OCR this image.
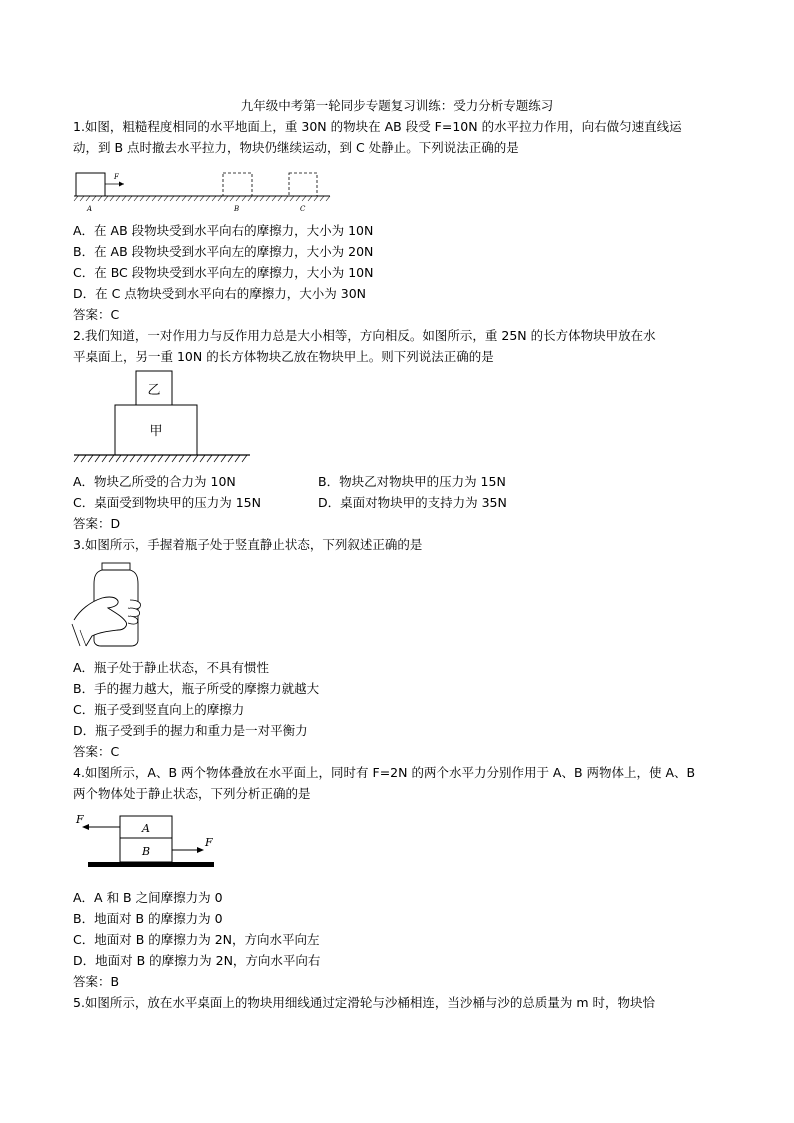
九年级中考第一轮同步专题复习训练：受力分析专题练习
1.如图，粗糙程度相同的水平地面上，重 30N 的物块在 AB 段受 F=10N 的水平拉力作用，向右做匀速直线运
动，到 B 点时撤去水平拉力，物块仍继续运动，到 C 处静止。下列说法正确的是
F
A	B	C
A．在 AB 段物块受到水平向右的摩擦力，大小为 10N
B．在 AB 段物块受到水平向左的摩擦力，大小为 20N
C．在 BC 段物块受到水平向左的摩擦力，大小为 10N
D．在 C 点物块受到水平向右的摩擦力，大小为 30N
答案：C
2.我们知道，一对作用力与反作用力总是大小相等，方向相反。如图所示，重 25N 的长方体物块甲放在水
平桌面上，另一重 10N 的长方体物块乙放在物块甲上。则下列说法正确的是
乙
甲
A．物块乙所受的合力为 10N	B．物块乙对物块甲的压力为 15N
C．桌面受到物块甲的压力为 15N	D．桌面对物块甲的支持力为 35N
答案：D
3.如图所示，手握着瓶子处于竖直静止状态，下列叙述正确的是
A．瓶子处于静止状态，不具有惯性
B．手的握力越大，瓶子所受的摩擦力就越大
C．瓶子受到竖直向上的摩擦力
D．瓶子受到手的握力和重力是一对平衡力
答案：C
4.如图所示，A、B 两个物体叠放在水平面上，同时有 F=2N 的两个水平力分别作用于 A、B 两物体上，使 A、B
两个物体处于静止状态，下列分析正确的是
A
B
F
F
A．A 和 B 之间摩擦力为 0
B．地面对 B 的摩擦力为 0
C．地面对 B 的摩擦力为 2N，方向水平向左
D．地面对 B 的摩擦力为 2N，方向水平向右
答案：B
5.如图所示，放在水平桌面上的物块用细线通过定滑轮与沙桶相连，当沙桶与沙的总质量为 m 时，物块恰
